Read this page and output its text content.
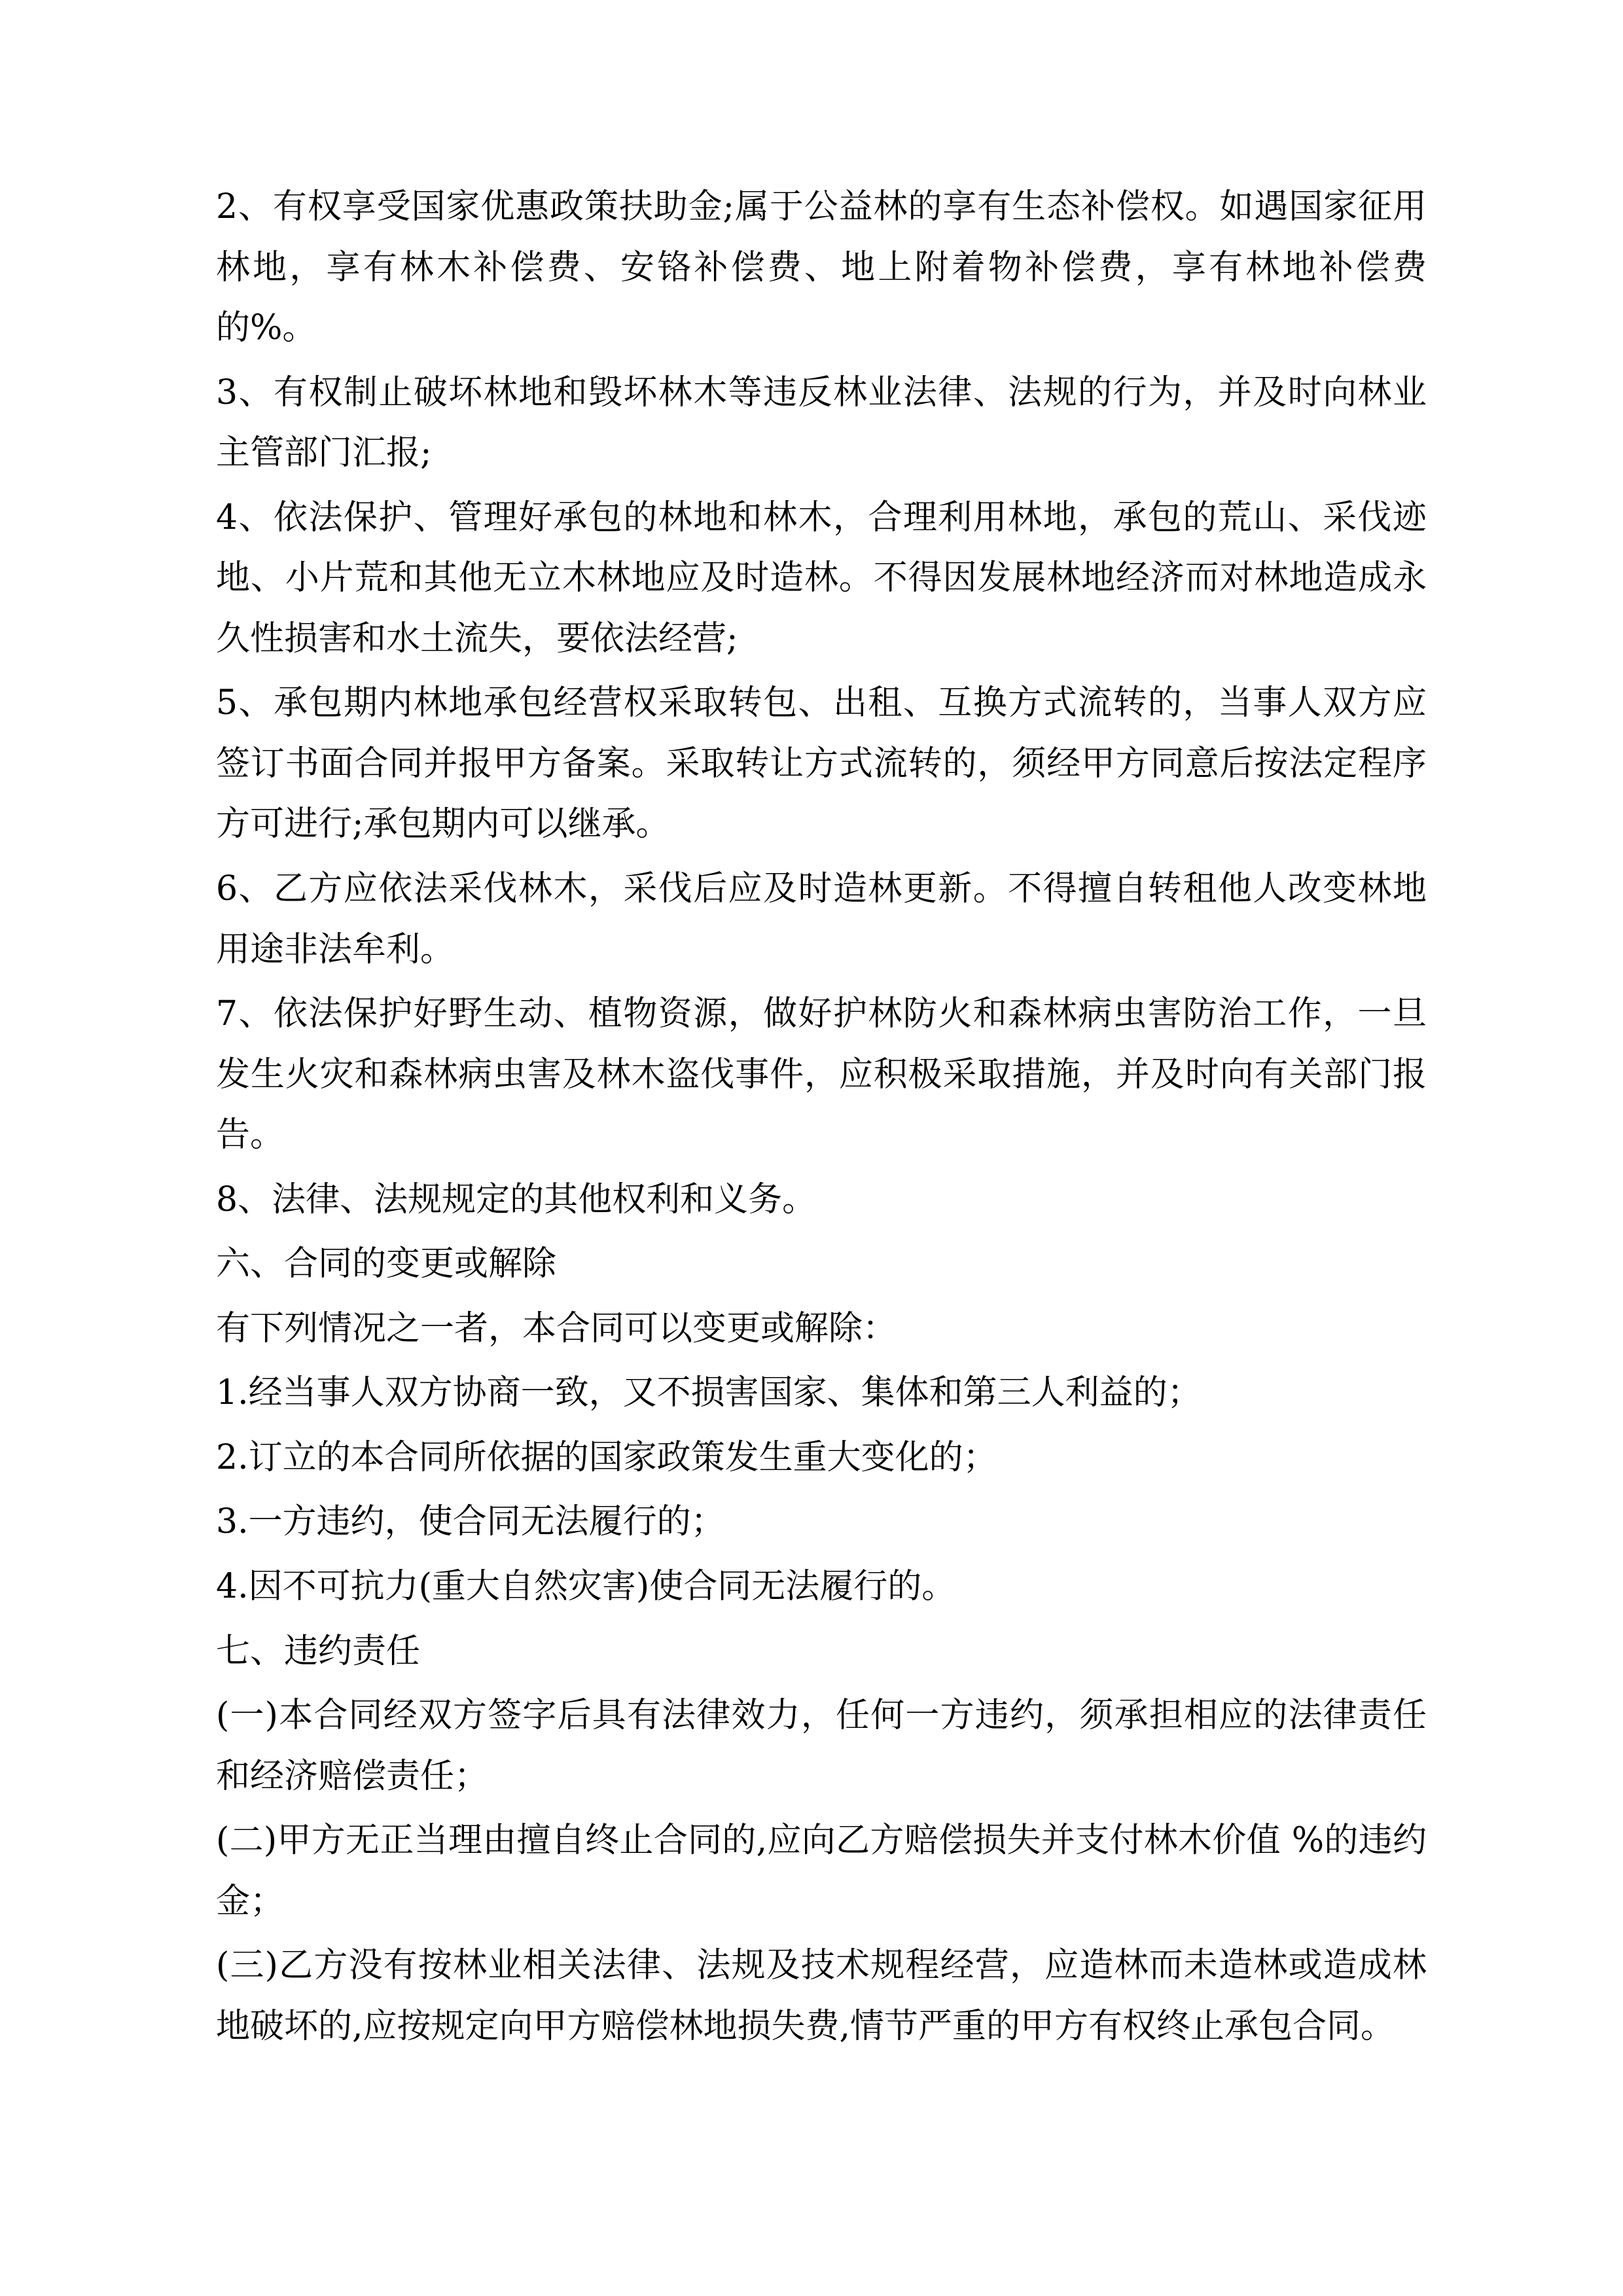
2、有权享受国家优惠政策扶助金;属于公益林的享有生态补偿权。如遇国家征用林地，享有林木补偿费、安铬补偿费、地上附着物补偿费，享有林地补偿费的%。

3、有权制止破坏林地和毁坏林木等违反林业法律、法规的行为，并及时向林业主管部门汇报;

4、依法保护、管理好承包的林地和林木，合理利用林地，承包的荒山、采伐迹地、小片荒和其他无立木林地应及时造林。不得因发展林地经济而对林地造成永久性损害和水土流失，要依法经营;

5、承包期内林地承包经营权采取转包、出租、互换方式流转的，当事人双方应签订书面合同并报甲方备案。采取转让方式流转的，须经甲方同意后按法定程序方可进行;承包期内可以继承。

6、乙方应依法采伐林木，采伐后应及时造林更新。不得擅自转租他人改变林地用途非法牟利。

7、依法保护好野生动、植物资源，做好护林防火和森林病虫害防治工作，一旦发生火灾和森林病虫害及林木盗伐事件，应积极采取措施，并及时向有关部门报告。

8、法律、法规规定的其他权利和义务。

六、合同的变更或解除

有下列情况之一者，本合同可以变更或解除：

1.经当事人双方协商一致，又不损害国家、集体和第三人利益的；

2.订立的本合同所依据的国家政策发生重大变化的；

3.一方违约，使合同无法履行的；

4.因不可抗力(重大自然灾害)使合同无法履行的。

七、违约责任

(一)本合同经双方签字后具有法律效力，任何一方违约，须承担相应的法律责任和经济赔偿责任；

(二)甲方无正当理由擅自终止合同的,应向乙方赔偿损失并支付林木价值 %的违约金；

(三)乙方没有按林业相关法律、法规及技术规程经营，应造林而未造林或造成林地破坏的,应按规定向甲方赔偿林地损失费,情节严重的甲方有权终止承包合同。
